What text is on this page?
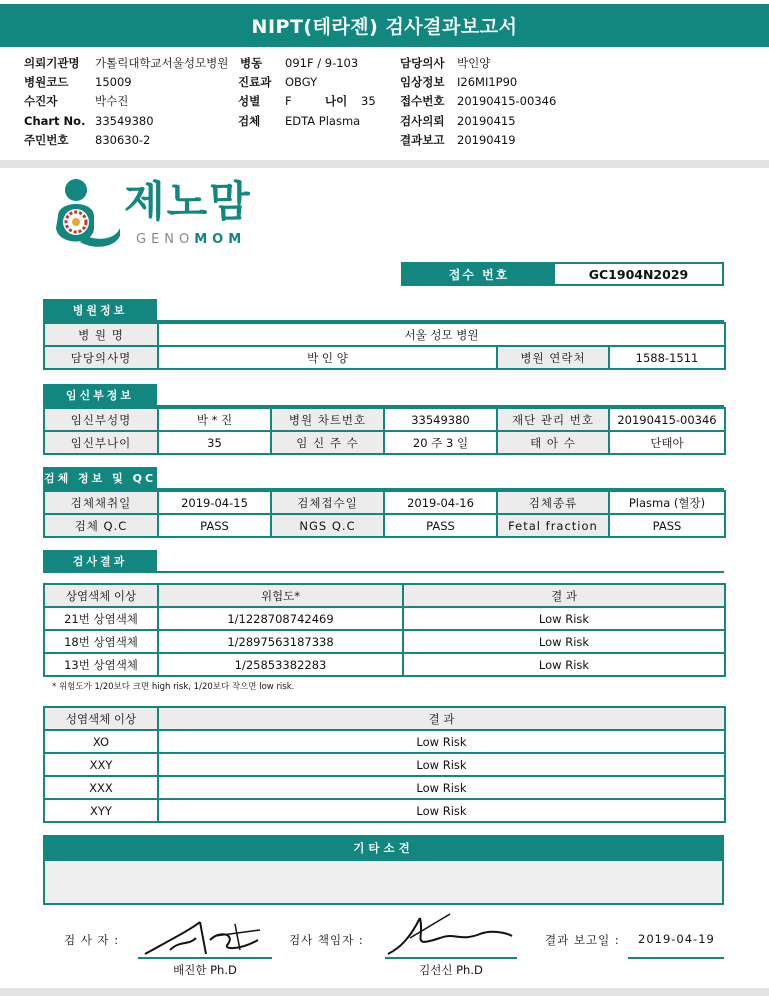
NIPT(테라젠) 검사결과보고서
의뢰기관명 가톨릭대학교서울성모병원 병동 091F / 9-103	담당의사 박인양
병원코드 15009	진료과 OBGY	임상정보 I26MI1P90
수진자	박수진	성별 F	나이 35 접수번호 20190415-00346
Chart No. 33549380	검체 EDTA Plasma	검사의뢰 20190415
주민번호 830630-2	결과보고 20190419
제노맘
GENOMOM
접수 번호	GC1904N2029
병원정보
병 원 명	서울 성모 병원		
담당의사명	박 인 양	병원 연락처	1588-1511
임신부정보
임신부성명	박 * 진	병원 차트번호	33549380	재단 관리 번호	20190415-00346
임신부나이	35	임 신 주 수	20 주 3 일	태 아 수	단태아
검체 정보 및 QC
검체채취일	2019-04-15	검체접수일	2019-04-16	검체종류	Plasma (혈장)
검체 Q.C	PASS	NGS Q.C	PASS	Fetal fraction	PASS
검사결과
상염색체 이상	위험도*	결 과
21번 상염색체	1/1228708742469	Low Risk
18번 상염색체	1/2897563187338	Low Risk
13번 상염색체	1/25853382283	Low Risk
* 위험도가 1/20보다 크면 high risk, 1/20보다 작으면 low risk.
성염색체 이상	결 과
XO	Low Risk
XXY	Low Risk
XXX	Low Risk
XYY	Low Risk
기타소견
검 사 자 :
배진한 Ph.D
검사 책임자 :
김선신 Ph.D
결과 보고일 : 2019-04-19
